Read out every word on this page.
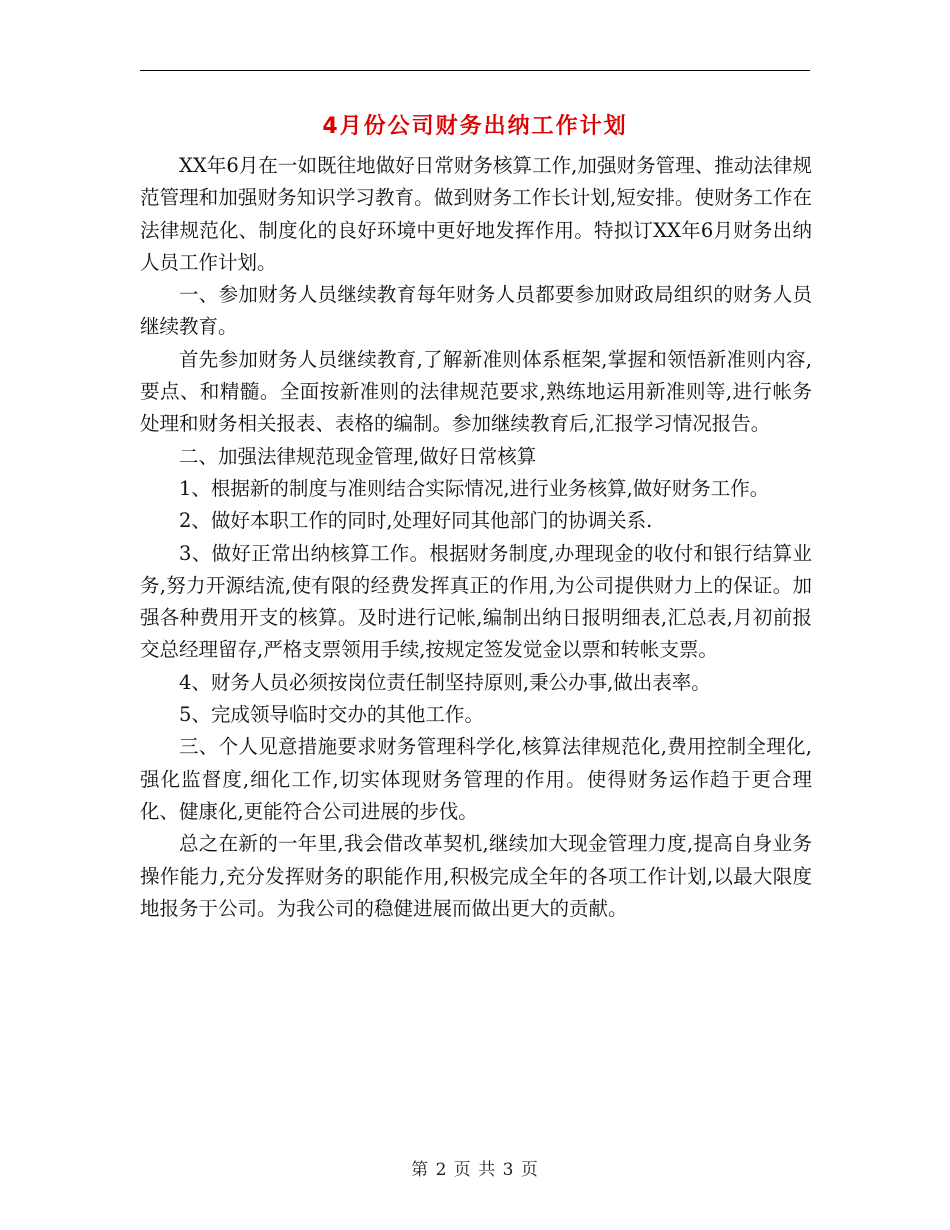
4月份公司财务出纳工作计划

XX年6月在一如既往地做好日常财务核算工作,加强财务管理、推动法律规范管理和加强财务知识学习教育。做到财务工作长计划,短安排。使财务工作在法律规范化、制度化的良好环境中更好地发挥作用。特拟订XX年6月财务出纳人员工作计划。

一、参加财务人员继续教育每年财务人员都要参加财政局组织的财务人员继续教育。

首先参加财务人员继续教育,了解新准则体系框架,掌握和领悟新准则内容,要点、和精髓。全面按新准则的法律规范要求,熟练地运用新准则等,进行帐务处理和财务相关报表、表格的编制。参加继续教育后,汇报学习情况报告。

二、加强法律规范现金管理,做好日常核算

1、根据新的制度与准则结合实际情况,进行业务核算,做好财务工作。

2、做好本职工作的同时,处理好同其他部门的协调关系.

3、做好正常出纳核算工作。根据财务制度,办理现金的收付和银行结算业务,努力开源结流,使有限的经费发挥真正的作用,为公司提供财力上的保证。加强各种费用开支的核算。及时进行记帐,编制出纳日报明细表,汇总表,月初前报交总经理留存,严格支票领用手续,按规定签发觉金以票和转帐支票。

4、财务人员必须按岗位责任制坚持原则,秉公办事,做出表率。

5、完成领导临时交办的其他工作。

三、个人见意措施要求财务管理科学化,核算法律规范化,费用控制全理化,强化监督度,细化工作,切实体现财务管理的作用。使得财务运作趋于更合理化、健康化,更能符合公司进展的步伐。

总之在新的一年里,我会借改革契机,继续加大现金管理力度,提高自身业务操作能力,充分发挥财务的职能作用,积极完成全年的各项工作计划,以最大限度地报务于公司。为我公司的稳健进展而做出更大的贡献。

第 2 页 共 3 页
